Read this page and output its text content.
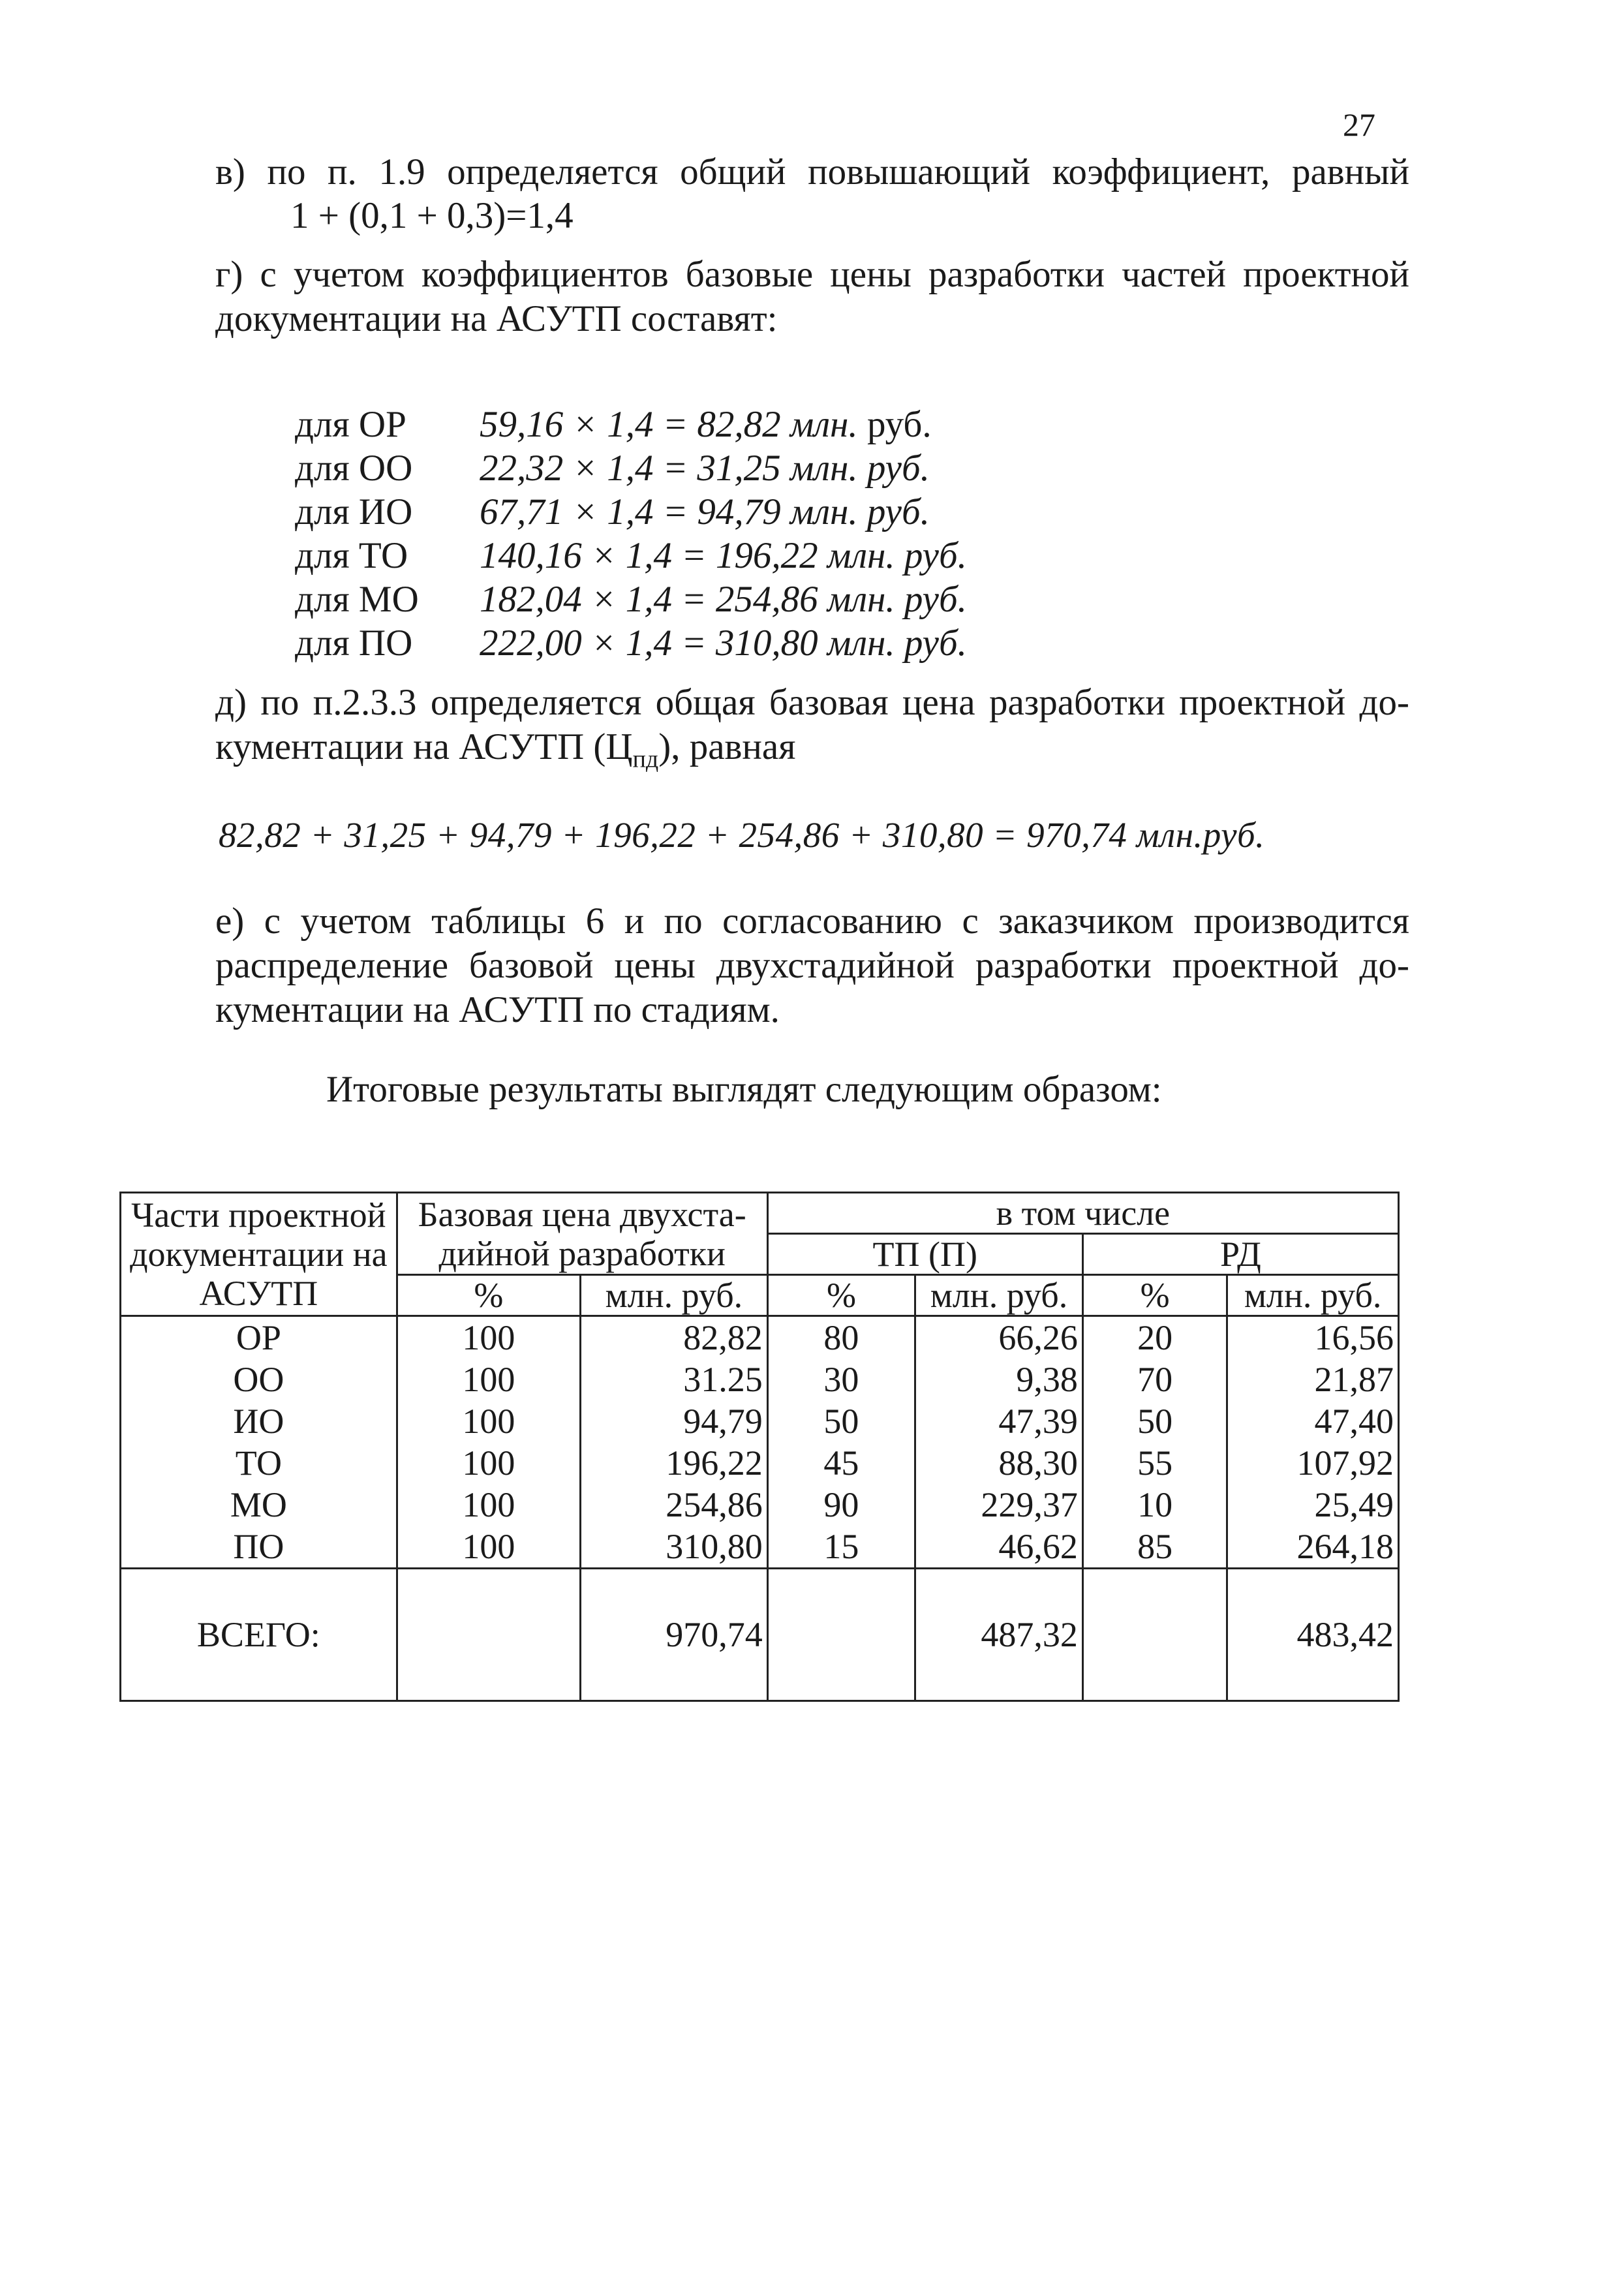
27
в) по п. 1.9 определяется общий повышающий коэффициент, равный
1 + (0,1 + 0,3)=1,4
г) с учетом коэффициентов базовые цены разработки частей проектной
документации на АСУТП составят:
для ОР 59,16 × 1,4 = 82,82 млн. руб.
для ОО 22,32 × 1,4 = 31,25 млн. руб.
для ИО 67,71 × 1,4 = 94,79 млн. руб.
для ТО 140,16 × 1,4 = 196,22 млн. руб.
для МО 182,04 × 1,4 = 254,86 млн. руб.
для ПО 222,00 × 1,4 = 310,80 млн. руб.
д) по п.2.3.3 определяется общая базовая цена разработки проектной до-
кументации на АСУТП $(Ц_{пд})$, равная
82,82 + 31,25 + 94,79 + 196,22 + 254,86 + 310,80 = 970,74 млн.руб.
е) с учетом таблицы 6 и по согласованию с заказчиком производится
распределение базовой цены двухстадийной разработки проектной до-
кументации на АСУТП по стадиям.
Итоговые результаты выглядят следующим образом:
Части проектной документации на АСУТП	Базовая цена двухста-дийной разработки		в том числе			
			ТП (П)		РД	
	%	млн. руб.	%	млн. руб.	%	млн. руб.
ОР	100	82,82	80	66,26	20	16,56
ОО	100	31.25	30	9,38	70	21,87
ИО	100	94,79	50	47,39	50	47,40
ТО	100	196,22	45	88,30	55	107,92
МО	100	254,86	90	229,37	10	25,49
ПО	100	310,80	15	46,62	85	264,18
ВСЕГО:		970,74		487,32		483,42
